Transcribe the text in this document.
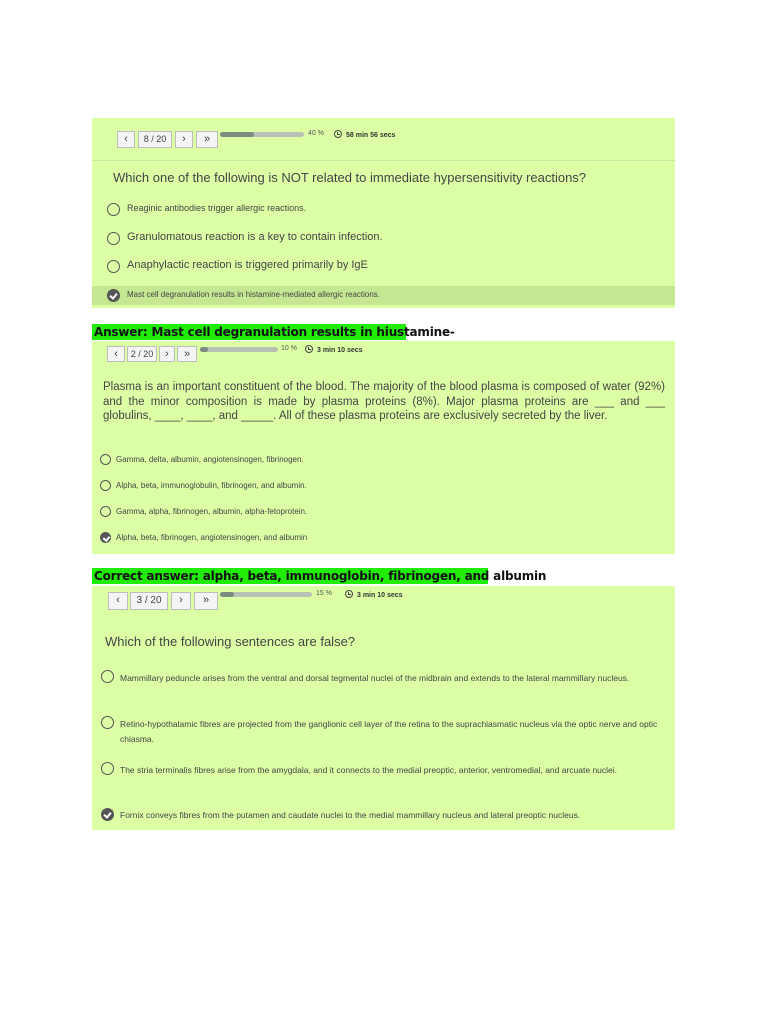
‹	8 / 20	›	»	40 %	58 min 56 secs
Which one of the following is NOT related to immediate hypersensitivity reactions?
Reaginic antibodies trigger allergic reactions.
Granulomatous reaction is a key to contain infection.
Anaphylactic reaction is triggered primarily by IgE
Mast cell degranulation results in histamine-mediated allergic reactions.
Answer: Mast cell degranulation results in hiustamine-
‹	2 / 20	›	»	10 %	3 min 10 secs
Plasma is an important constituent of the blood. The majority of the blood plasma is composed of water (92%) and the minor composition is made by plasma proteins (8%). Major plasma proteins are ___ and ___ globulins, ____, ____, and _____. All of these plasma proteins are exclusively secreted by the liver.
Gamma, delta, albumin, angiotensinogen, fibrinogen.
Alpha, beta, immunoglobulin, fibrinogen, and albumin.
Gamma, alpha, fibrinogen, albumin, alpha-fetoprotein.
Alpha, beta, fibrinogen, angiotensinogen, and albumin
Correct answer: alpha, beta, immunoglobin, fibrinogen, and albumin
‹	3 / 20	›	»
15 %	3 min 10 secs
Which of the following sentences are false?
Mammillary peduncle arises from the ventral and dorsal tegmental nuclei of the midbrain and extends to the lateral mammillary nucleus.
Retino-hypothalamic fibres are projected from the ganglionic cell layer of the retina to the suprachiasmatic nucleus via the optic nerve and optic chiasma.
The stria terminalis fibres arise from the amygdala, and it connects to the medial preoptic, anterior, ventromedial, and arcuate nuclei.
Fornix conveys fibres from the putamen and caudate nuclei to the medial mammillary nucleus and lateral preoptic nucleus.
